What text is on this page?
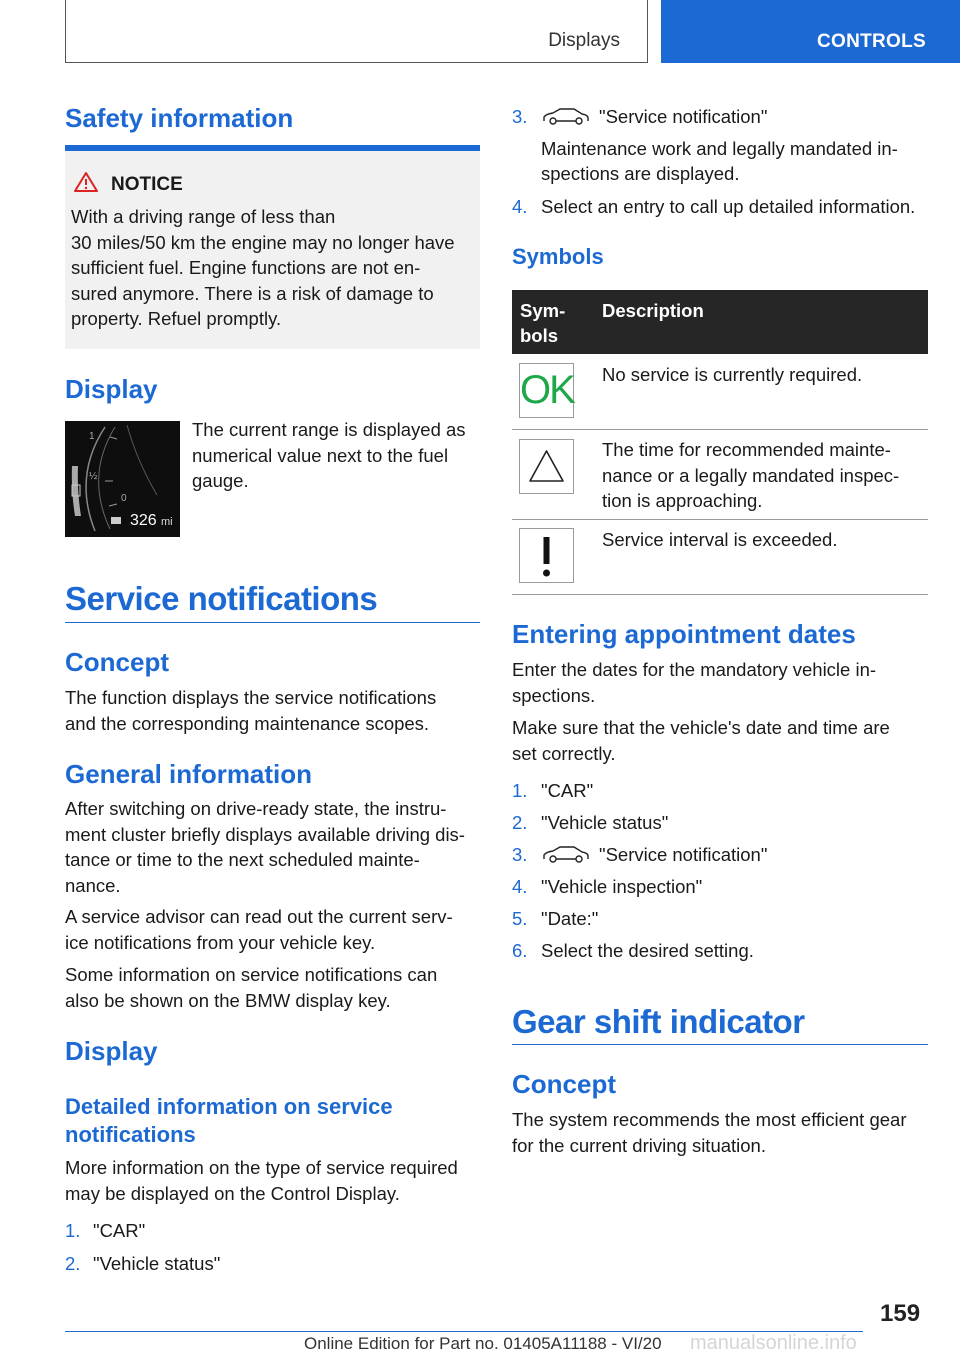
Displays	CONTROLS
Safety information
NOTICE
With a driving range of less than
30 miles/50 km the engine may no longer have
sufficient fuel. Engine functions are not en-
sured anymore. There is a risk of damage to
property. Refuel promptly.
Display
1
½
0
326 mi
The current range is displayed as
numerical value next to the fuel
gauge.
Service notifications
Concept
The function displays the service notifications
and the corresponding maintenance scopes.
General information
After switching on drive-ready state, the instru-
ment cluster briefly displays available driving dis-
tance or time to the next scheduled mainte-
nance.
A service advisor can read out the current serv-
ice notifications from your vehicle key.
Some information on service notifications can
also be shown on the BMW display key.
Display
Detailed information on service
notifications
More information on the type of service required
may be displayed on the Control Display.
1. "CAR"
2. "Vehicle status"
3.	"Service notification"
Maintenance work and legally mandated in-
spections are displayed.
4. Select an entry to call up detailed information.
Symbols
Sym-
bols
Description
OK No service is currently required.
The time for recommended mainte-
nance or a legally mandated inspec-
tion is approaching.
Service interval is exceeded.
Entering appointment dates
Enter the dates for the mandatory vehicle in-
spections.
Make sure that the vehicle's date and time are
set correctly.
1. "CAR"
2. "Vehicle status"
3.	"Service notification"
4. "Vehicle inspection"
5. "Date:"
6. Select the desired setting.
Gear shift indicator
Concept
The system recommends the most efficient gear
for the current driving situation.
159
Online Edition for Part no. 01405A11188 - VI/20 manualsonline.info
